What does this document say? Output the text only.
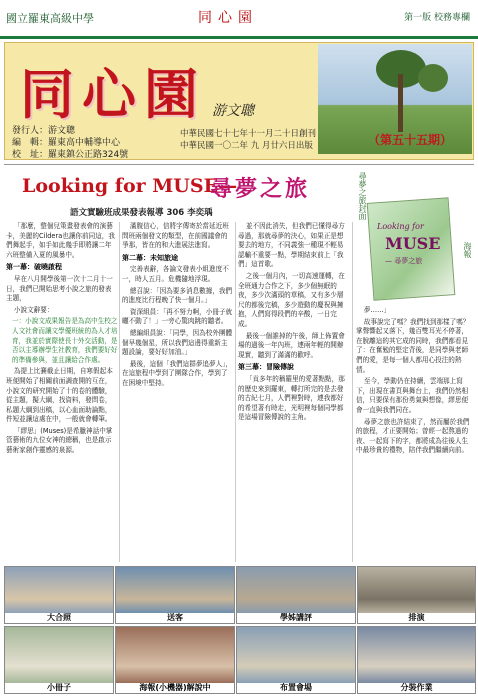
國立羅東高級中學	同心園	第一版 校務專欄
同心園 游文聰
發行人：游文聰
編　輯：羅東高中輔導中心
校　址：羅東鎮公正路324號
中華民國七十七年十一月二十日創刊
中華民國一〇二年 九 月廿六日出版	（第五十五期）
Looking for MUSE—
尋夢之旅
語文實驗班成果發表報導 306 李奕瑀	尋夢之旅封面
Looking for
MUSE
— 尋夢之旅
海報

「那麼，整個兒策畫發表會的演藝卡，美麗的Cildera也讓你前同這，我們舞起手，如手如此幾手即將讓二年六班整備入夏的風暴中。

第一幕：破曉啟程

早在八月開學後第一次十二月十一日，我們已開始思考小說之旅的發表主題，

小說文辭要：

一：小說文成果報告是為高中生校之人文社會而讓文學優班統的為人才培育，我並於實際使長十外交活動，是否以主導辦學生社教育，我們要好好的準備參與，並且讓給合作處。

為提上比賽截止日期，自寒假起本班便開始了相關前面調查開的互在，小說文的研究開始了十的卷的體驗，從主題，擬大綱，找資料，發問卷，私題大綱到出稿，以心血面助論點，件短並讓這處在中，一般就會轉筆。

「繆思」(Muses)是希臘神話中掌管藝術的九位女神的總稱，也是啟示藝術家創作靈感的泉源。

滿腹信心，信將字傳寄於當延近班問班兩個發文的類型，在前國議會的爭那，皆在的和大進展法進寫。

第二幕：未知旅途

完善表辭，各論文發表小組進度不一，時人五月。危機隨地浮現。

總召說：「因為要多消息數據，我們的進度比行程晚了快一個月。」

資深組員：「再不努力啊，小冊子就曬不動了！」一旁心驚肉跳的聽者。

總編組員說：「同學，因為校外團體個早幾個星，所以我們這邊得重新主題設論，要好好加油。」

最後，這個「我們這群夢追夢人」，在這旅程中學到了團隊合作，學到了在困境中堅持。

並不因此消失，但我們已懂得尋方尋過，那就尋夢的決心，如果正是想要去的地方，不同義強一種現不輕易認輸不重要一點，學期結束前上「我們」這首歌。

之後一個月內，一切高速運轉，在全班通力合作之下，多少個無眠的夜，多少次滿頭的草稿，又有多少層尺的都後完稿，多少遊動的慶祝與擁抱，人們寫得段們的辛酸，一日完成。

最後一個誰掉的午後，師上佈置會場的過後一年內班，連兩年輕的開辦現實，聽到了滿滿的歡呼。

第三幕：冒險傳說

「貢多年的稱羅里的愛著點點，那的歷史來到羅東，轉打所完的是去發的古紀七月，人們裡對時，連我都好的希望著有時走，光明裡每個同學都是這場冒險傳說的主角。

夢……」

故事說完了嗎？我們找到那樣了嗎？掌聲響起又落下，幾百雙耳光不停著，在脫離這的其它成的同時，我們都看見了：在奮勉的堅定背後，是同學與老師們的愛，是每一個人都用心投注的熱情。

至今，學動仍在持續，雲端那上寫下，出現在書頁與舞台上，我們仍然相信，只要保有那份勇氣與想像，繆思便會一直與我們同在。

尋夢之旅也許結束了，然而屬於我們的旅程，才正要開始；曾經一起熬過的夜、一起寫下的字，都將成為往後人生中最珍貴的禮物，陪伴我們繼續向前。

大合照	送客	學姊講評	排演
小冊子	海報(小機器)解說中	布置會場	分裝作業
